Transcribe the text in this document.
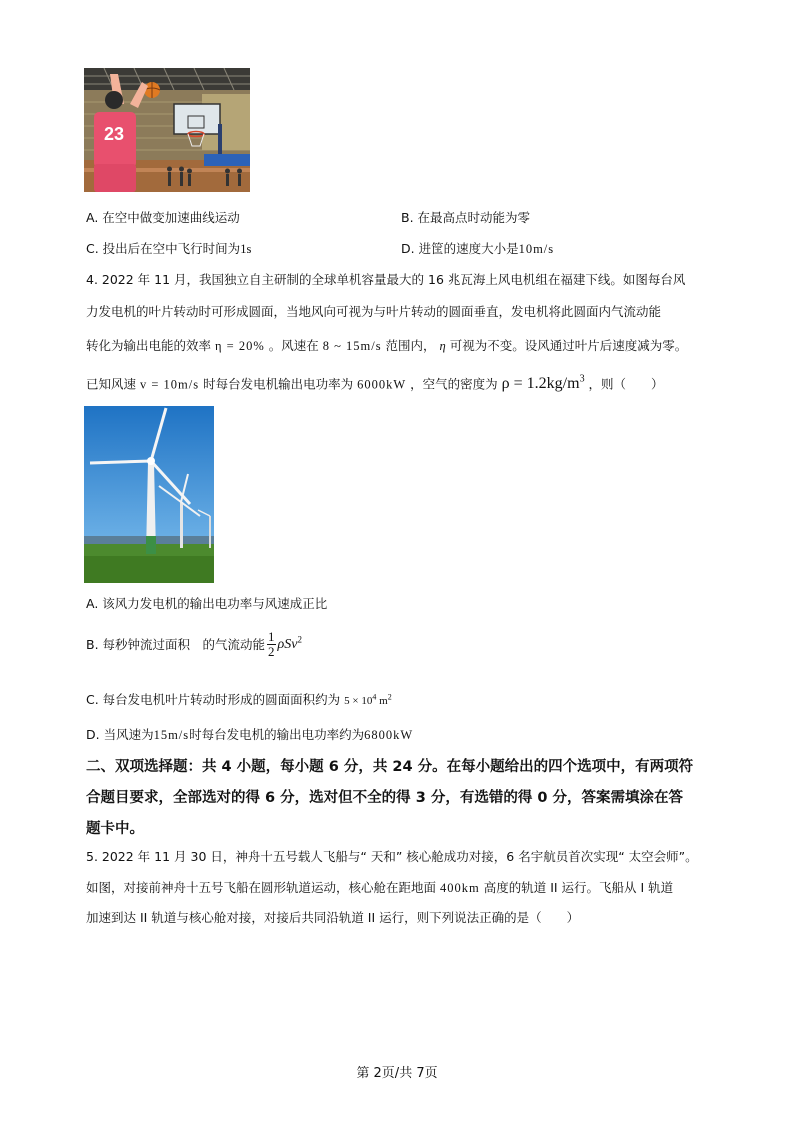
23
A. 在空中做变加速曲线运动	B. 在最高点时动能为零
C. 投出后在空中飞行时间为1s	D. 进筐的速度大小是10m/s
4. 2022 年 11 月，我国独立自主研制的全球单机容量最大的 16 兆瓦海上风电机组在福建下线。如图每台风
力发电机的叶片转动时可形成圆面，当地风向可视为与叶片转动的圆面垂直，发电机将此圆面内气流动能
转化为输出电能的效率 η = 20% 。风速在 8 ~ 15m/s 范围内， η 可视为不变。设风通过叶片后速度减为零。
已知风速 v = 10m/s 时每台发电机输出电功率为 6000kW ，空气的密度为 $\rho = 1.2kg/m^3$ ，则（　　）
A. 该风力发电机的输出电功率与风速成正比
B. 每秒钟流过面积　的气流动能 $\frac{1}{2} \rho Sv^2$
C. 每台发电机叶片转动时形成的圆面面积约为 $5 \times 10^4$ $m^2$
D. 当风速为15m/s时每台发电机的输出电功率约为6800kW
二、双项选择题：共 4 小题，每小题 6 分，共 24 分。在每小题给出的四个选项中，有两项符
合题目要求，全部选对的得 6 分，选对但不全的得 3 分，有选错的得 0 分，答案需填涂在答
题卡中。
5. 2022 年 11 月 30 日，神舟十五号载人飞船与“ 天和” 核心舱成功对接，6 名宇航员首次实现“ 太空会师”。
如图，对接前神舟十五号飞船在圆形轨道运动，核心舱在距地面 400km 高度的轨道 II 运行。飞船从 I 轨道
加速到达 II 轨道与核心舱对接，对接后共同沿轨道 II 运行，则下列说法正确的是（　　）
第 2页/共 7页
